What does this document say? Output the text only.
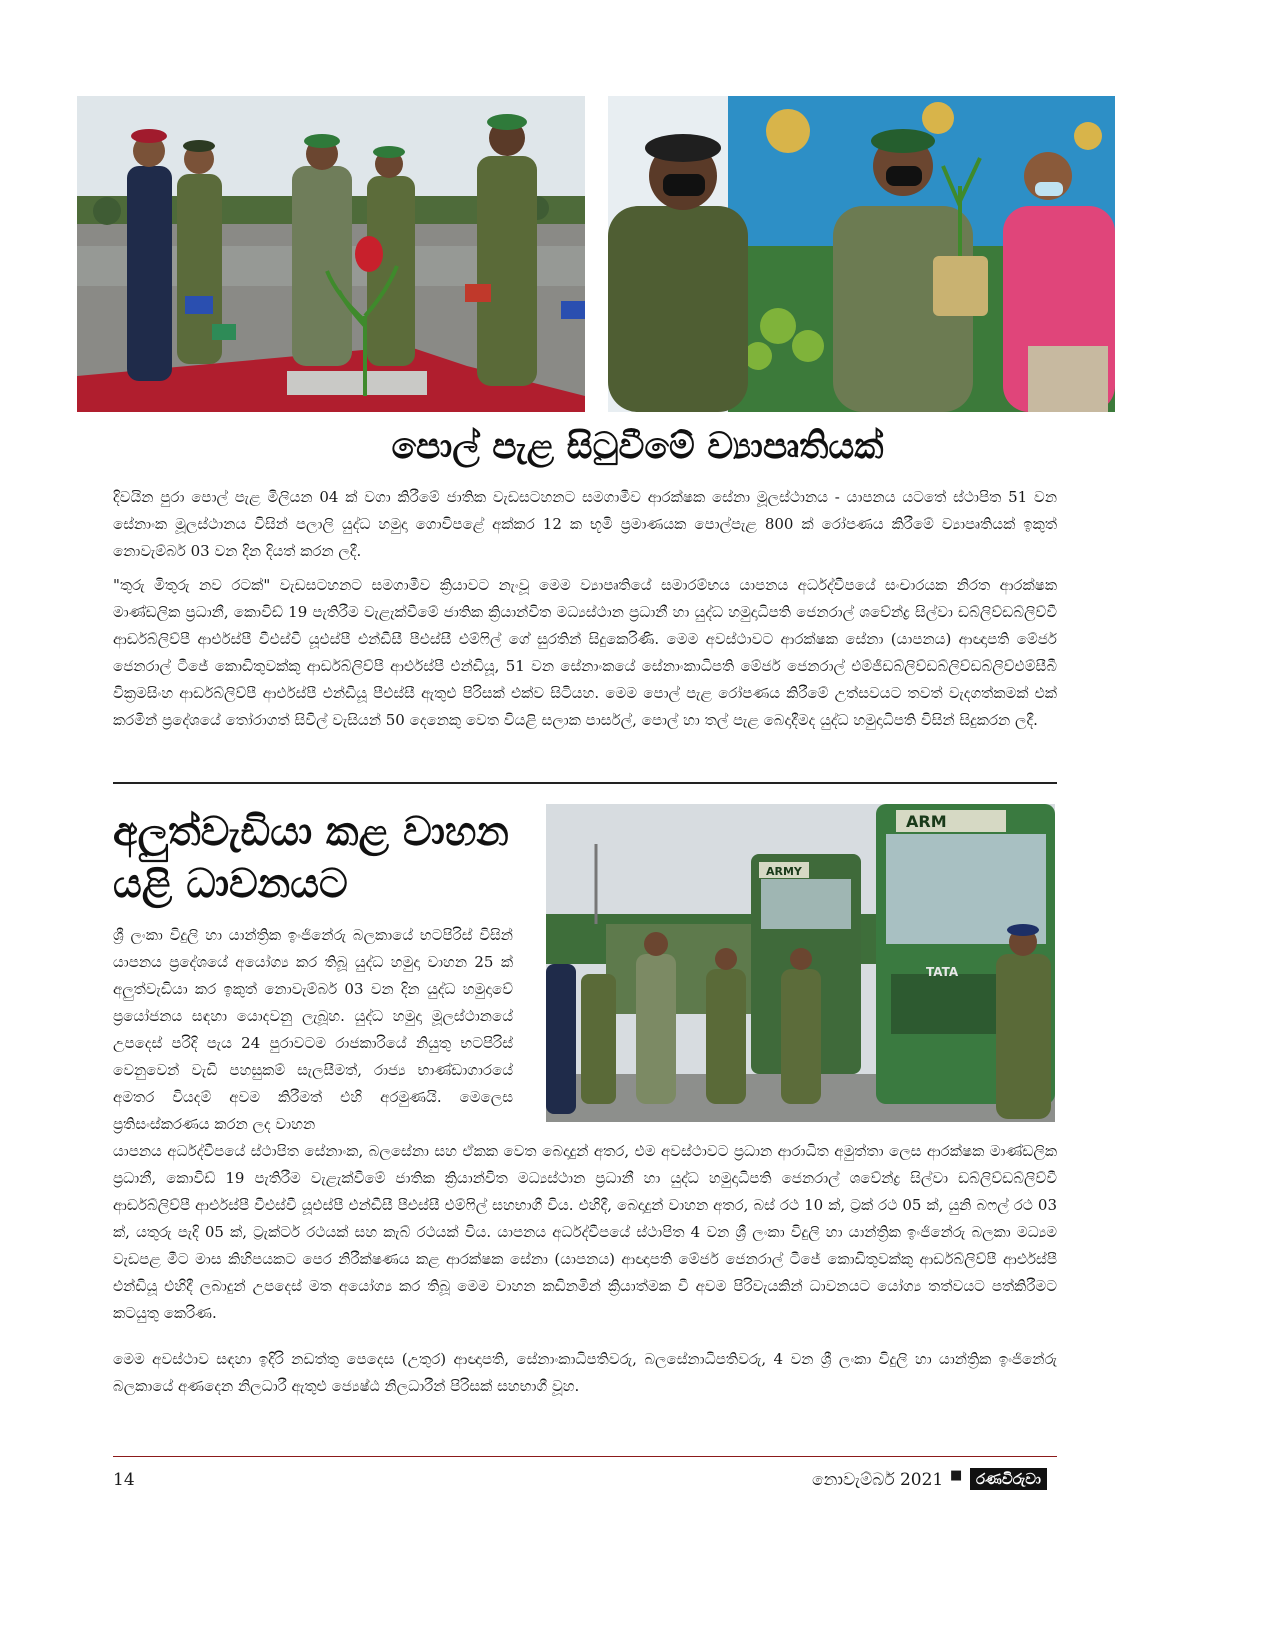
පොල් පැළ සිටුවීමේ ව්‍යාපෘතියක්

දිවයින පුරා පොල් පැළ මිලියන 04 ක් වගා කිරීමේ ජාතික වැඩසටහනට සමගාමීව ආරක්ෂක සේනා මූලස්ථානය - යාපනය යටතේ ස්ථාපිත 51 වන සේනාංක මූලස්ථානය විසින් පලාලි යුද්ධ හමුදා ගොවිපළේ අක්කර 12 ක භූමි ප්‍රමාණයක පොල්පැළ 800 ක් රෝපණය කිරීමේ ව්‍යාපෘතියක් ඉකුත් නොවැම්බර් 03 වන දින දියත් කරන ලදී.

"තුරු මිතුරු නව රටක්" වැඩසටහනට සමගාමීව ක්‍රියාවට නැංවූ මෙම ව්‍යාපෘතියේ සමාරම්භය යාපනය අර්ධද්වීපයේ සංචාරයක නිරත ආරක්ෂක මාණ්ඩලික ප්‍රධානී, කොවිඩ් 19 පැතිරීම වැළැක්වීමේ ජාතික ක්‍රියාන්විත මධ්‍යස්ථාන ප්‍රධානී හා යුද්ධ හමුදාධිපති ජෙනරාල් ශවේන්ද්‍ර සිල්වා ඩබ්ලිව්ඩබ්ලිව්වී ආර්ඩබ්ලිව්පී ආර්එස්පී වීඑස්වී යූඑස්පී එන්ඩීසී පීඑස්සී එම්ෆිල් ගේ සුරතින් සිදුකෙරිණි. මෙම අවස්ථාවට ආරක්ෂක සේනා (යාපනය) ආඥාපති මේජර් ජෙනරාල් ටීජේ කොඩිතුවක්කු ආර්ඩබ්ලිව්පී ආර්එස්පී එන්ඩියූ, 51 වන සේනාංකයේ සේනාංකාධිපති මේජර් ජෙනරාල් එම්ජීඩබ්ලිව්ඩබ්ලිව්ඩබ්ලිව්එම්සීබී වික්‍රමසිංහ ආර්ඩබ්ලිව්පී ආර්එස්පී එන්ඩියූ පීඑස්සී ඇතුළු පිරිසක් එක්ව සිටියහ. මෙම පොල් පැළ රෝපණය කිරීමේ උත්සවයට තවත් වැදගත්කමක් එක් කරමින් ප්‍රදේශයේ තෝරාගත් සිවිල් වැසියන් 50 දෙනෙකු වෙත වියළි සලාක පාර්සල්, පොල් හා තල් පැළ බෙදාදීමද යුද්ධ හමුදාධිපති විසින් සිදුකරන ලදී.

අලුත්වැඩියා කළ වාහන
යළි ධාවනයට	ARMY
ARM
TATA

ශ්‍රී ලංකා විදුලි හා යාන්ත්‍රික ඉංජිනේරු බලකායේ භටපිරිස් විසින් යාපනය ප්‍රදේශයේ අයෝග්‍ය කර තිබූ යුද්ධ හමුදා වාහන 25 ක් අලුත්වැඩියා කර ඉකුත් නොවැම්බර් 03 වන දින යුද්ධ හමුදාවේ ප්‍රයෝජනය සඳහා යොදවනු ලැබූහ. යුද්ධ හමුදා මූලස්ථානයේ උපදෙස් පරිදි පැය 24 පුරාවටම රාජකාරියේ නියුතු භටපිරිස් වෙනුවෙන් වැඩි පහසුකම් සැලසීමත්, රාජ්‍ය භාණ්ඩාගාරයේ අමතර වියදම් අවම කිරීමත් එහි අරමුණයි. මෙලෙස ප්‍රතිසංස්කරණය කරන ලද වාහන

යාපනය අර්ධද්වීපයේ ස්ථාපිත සේනාංක, බලසේනා සහ ඒකක වෙත බෙදාදුන් අතර, එම අවස්ථාවට ප්‍රධාන ආරාධිත අමුත්තා ලෙස ආරක්ෂක මාණ්ඩලික ප්‍රධානී, කොවිඩ් 19 පැතිරීම වැළැක්වීමේ ජාතික ක්‍රියාන්විත මධ්‍යස්ථාන ප්‍රධානී හා යුද්ධ හමුදාධිපති ජෙනරාල් ශවේන්ද්‍ර සිල්වා ඩබ්ලිව්ඩබ්ලිව්වී ආර්ඩබ්ලිව්පී ආර්එස්පී වීඑස්වී යූඑස්පී එන්ඩීසී පීඑස්සී එම්ෆිල් සහභාගී විය. එහිදී, බෙදාදුන් වාහන අතර, බස් රථ 10 ක්, ට්‍රක් රථ 05 ක්, යුනි බෆල් රථ 03 ක්, යතුරු පැදි 05 ක්, ට්‍රැක්ටර් රථයක් සහ කැබ් රථයක් විය. යාපනය අර්ධද්වීපයේ ස්ථාපිත 4 වන ශ්‍රී ලංකා විදුලි හා යාන්ත්‍රික ඉංජිනේරු බලකා මධ්‍යම වැඩපළ මීට මාස කිහිපයකට පෙර නිරීක්ෂණය කළ ආරක්ෂක සේනා (යාපනය) ආඥාපති මේජර් ජෙනරාල් ටීජේ කොඩිතුවක්කු ආර්ඩබ්ලිව්පී ආර්එස්පී එන්ඩියූ එහිදී ලබාදුන් උපදෙස් මත අයෝග්‍ය කර තිබූ මෙම වාහන කඩිනමින් ක්‍රියාත්මක වී අවම පිරිවැයකින් ධාවනයට යෝග්‍ය තත්වයට පත්කිරීමට කටයුතු කෙරිණ.

මෙම අවස්ථාව සඳහා ඉදිරි නඩත්තු පෙදෙස (උතුර) ආඥාපති, සේනාංකාධිපතිවරු, බලසේනාධිපතිවරු, 4 වන ශ්‍රී ලංකා විදුලි හා යාන්ත්‍රික ඉංජිනේරු බලකායේ අණදෙන නිලධාරී ඇතුළු ජ්‍යෙෂ්ඨ නිලධාරීන් පිරිසක් සහභාගී වූහ.

14	නොවැම්බර් 2021 ■ රණවිරුවා
